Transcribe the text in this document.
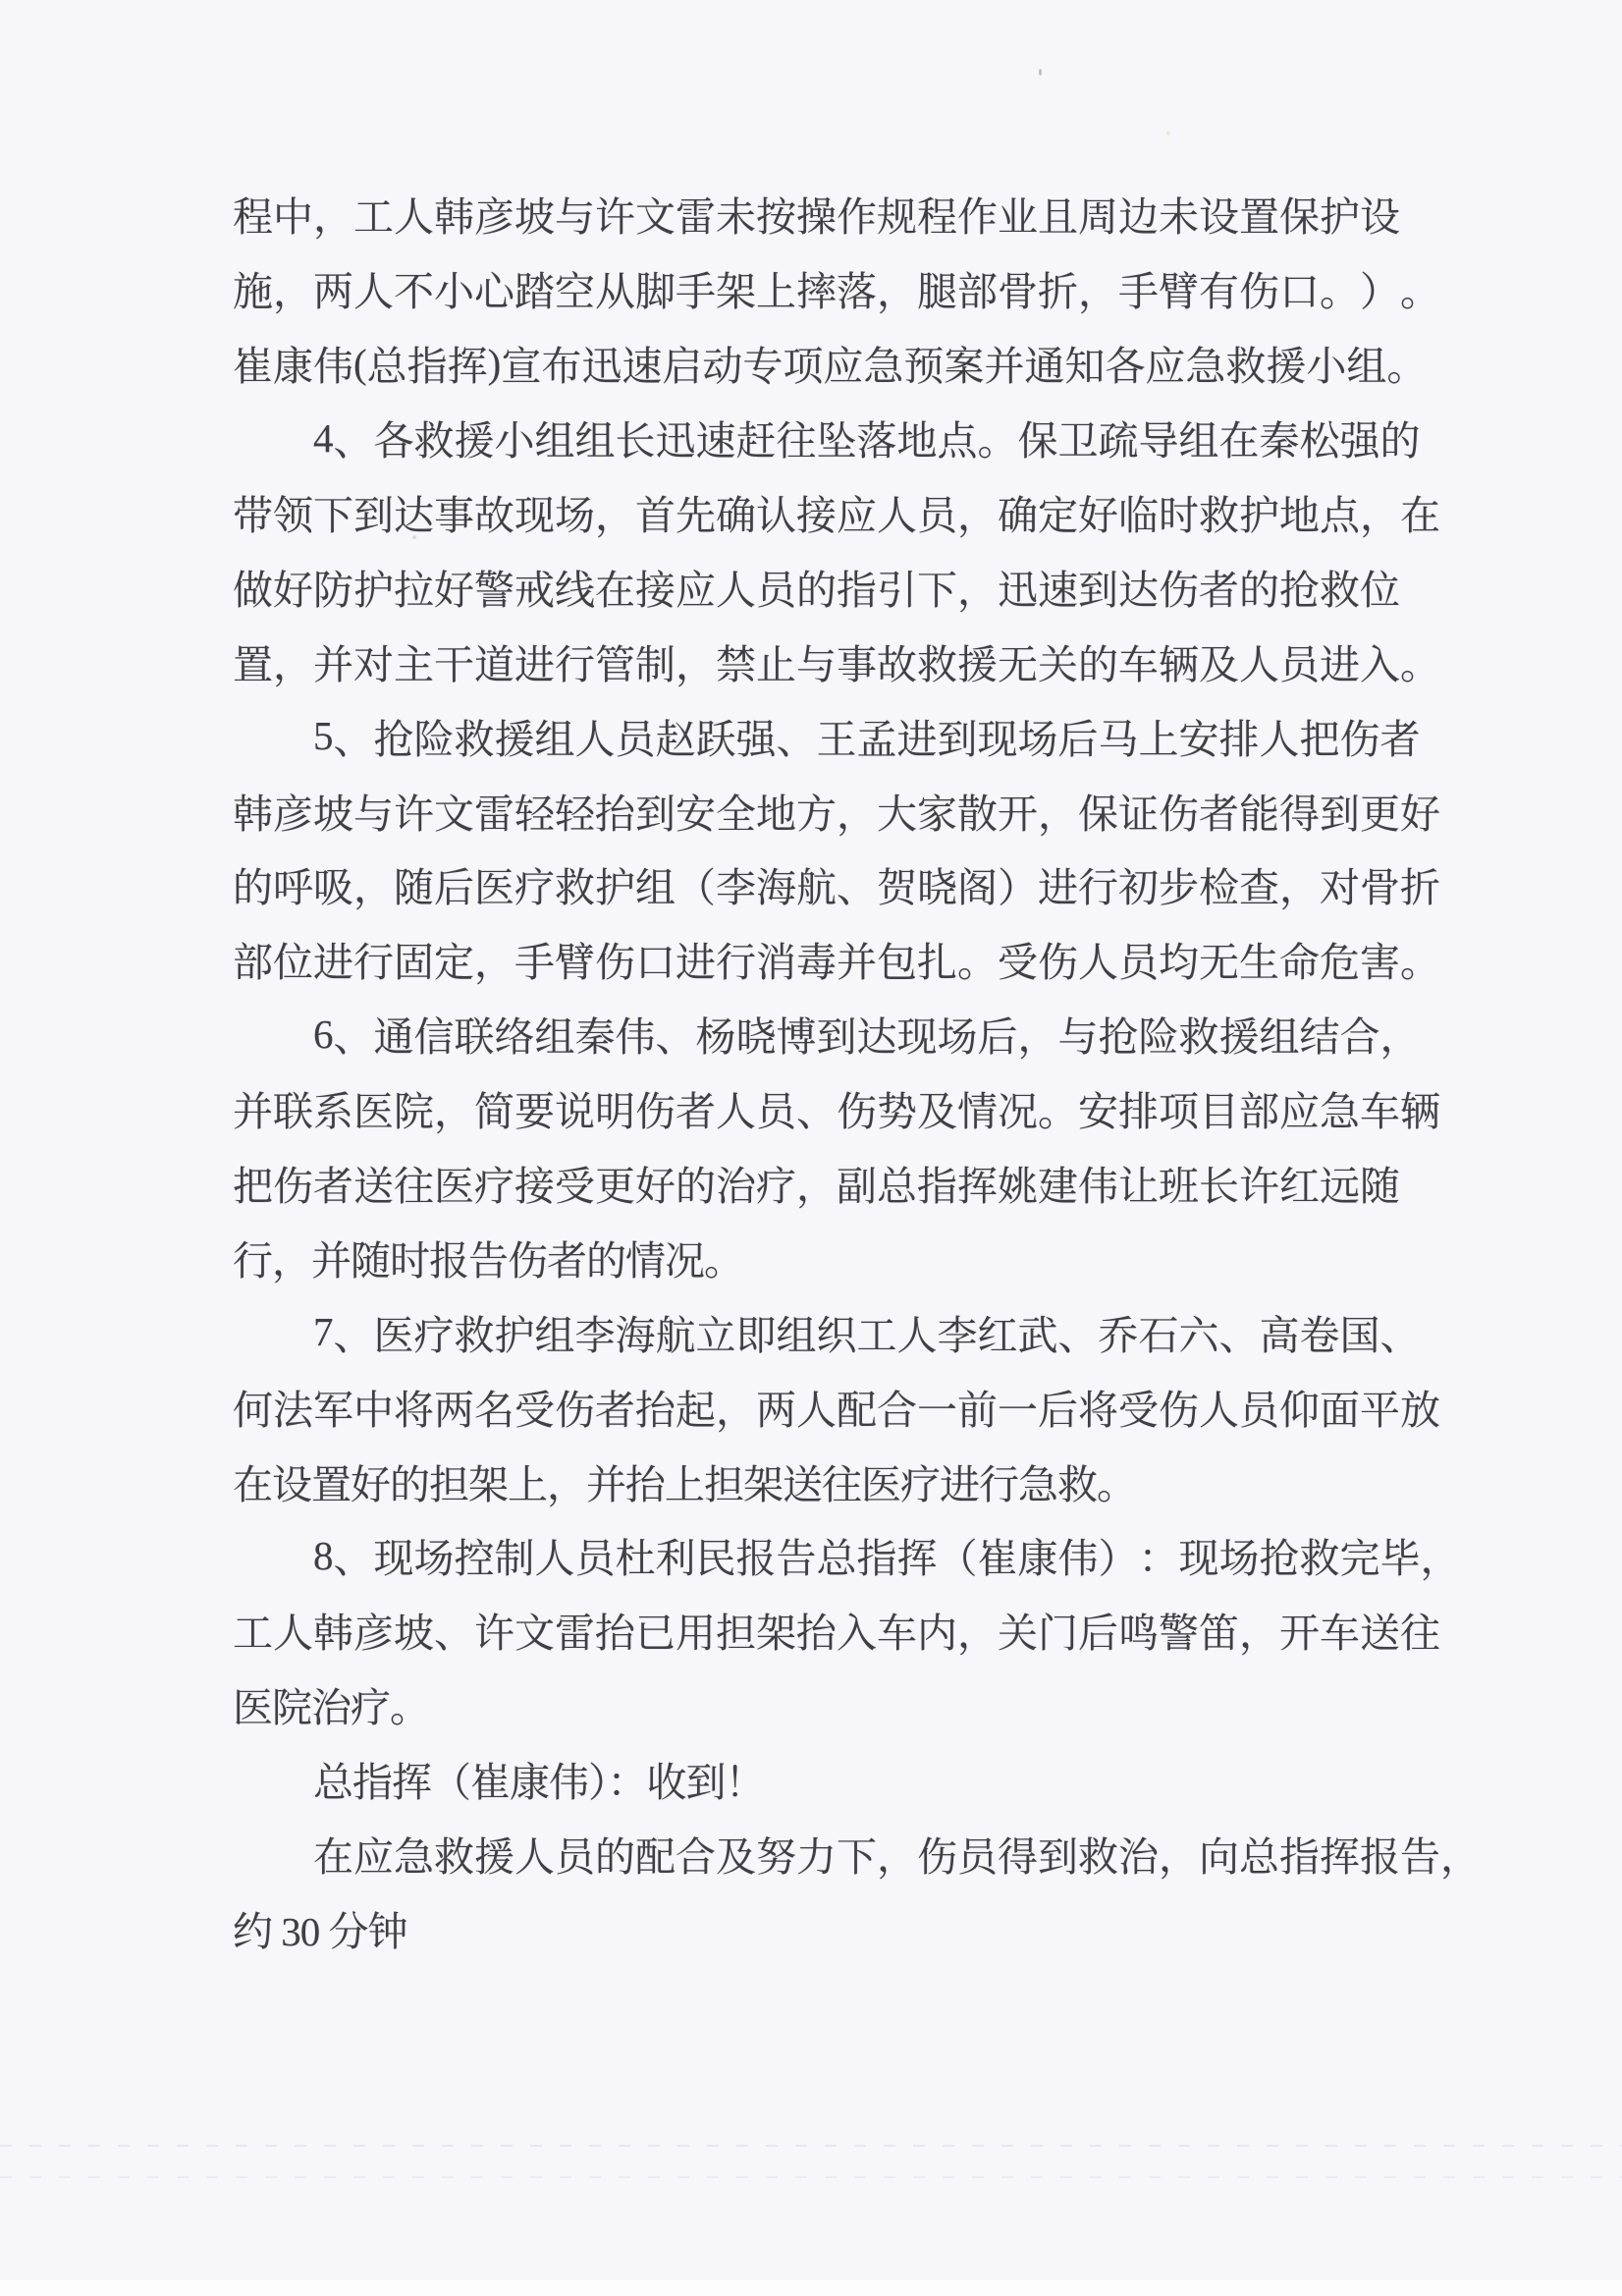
程 中 ， 工 人 韩 彦 坡 与 许 文 雷 未 按 操 作 规 程 作 业 且 周 边 未 设 置 保 护 设
施 ， 两 人 不 小 心 踏 空 从 脚 手 架 上 摔 落 ， 腿 部 骨 折 ， 手 臂 有 伤 口 。 ） 。
崔 康 伟 ( 总 指 挥 ) 宣 布 迅 速 启 动 专 项 应 急 预 案 并 通 知 各 应 急 救 援 小 组 。
4 、 各 救 援 小 组 组 长 迅 速 赶 往 坠 落 地 点 。 保 卫 疏 导 组 在 秦 松 强 的
带 领 下 到 达 事 故 现 场 ， 首 先 确 认 接 应 人 员 ， 确 定 好 临 时 救 护 地 点 ， 在
做 好 防 护 拉 好 警 戒 线 在 接 应 人 员 的 指 引 下 ， 迅 速 到 达 伤 者 的 抢 救 位
置 ， 并 对 主 干 道 进 行 管 制 ， 禁 止 与 事 故 救 援 无 关 的 车 辆 及 人 员 进 入 。
5 、 抢 险 救 援 组 人 员 赵 跃 强 、 王 孟 进 到 现 场 后 马 上 安 排 人 把 伤 者
韩 彦 坡 与 许 文 雷 轻 轻 抬 到 安 全 地 方 ， 大 家 散 开 ， 保 证 伤 者 能 得 到 更 好
的 呼 吸 ， 随 后 医 疗 救 护 组 （ 李 海 航 、 贺 晓 阁 ） 进 行 初 步 检 查 ， 对 骨 折
部 位 进 行 固 定 ， 手 臂 伤 口 进 行 消 毒 并 包 扎 。 受 伤 人 员 均 无 生 命 危 害 。
6 、 通 信 联 络 组 秦 伟 、 杨 晓 博 到 达 现 场 后 ， 与 抢 险 救 援 组 结 合 ，
并 联 系 医 院 ， 简 要 说 明 伤 者 人 员 、 伤 势 及 情 况 。 安 排 项 目 部 应 急 车 辆
把 伤 者 送 往 医 疗 接 受 更 好 的 治 疗 ， 副 总 指 挥 姚 建 伟 让 班 长 许 红 远 随
行，并随时报告伤者的情况。
7 、 医 疗 救 护 组 李 海 航 立 即 组 织 工 人 李 红 武 、 乔 石 六 、 高 卷 国 、
何 法 军 中 将 两 名 受 伤 者 抬 起 ， 两 人 配 合 一 前 一 后 将 受 伤 人 员 仰 面 平 放
在设置好的担架上，并抬上担架送往医疗进行急救。
8 、 现 场 控 制 人 员 杜 利 民 报 告 总 指 挥 （ 崔 康 伟 ） ： 现 场 抢 救 完 毕 ，
工 人 韩 彦 坡 、 许 文 雷 抬 已 用 担 架 抬 入 车 内 ， 关 门 后 鸣 警 笛 ， 开 车 送 往
医院治疗。
总指挥（崔康伟）：收到！
在 应 急 救 援 人 员 的 配 合 及 努 力 下 ， 伤 员 得 到 救 治 ， 向 总 指 挥 报 告 ，
约 30 分钟
